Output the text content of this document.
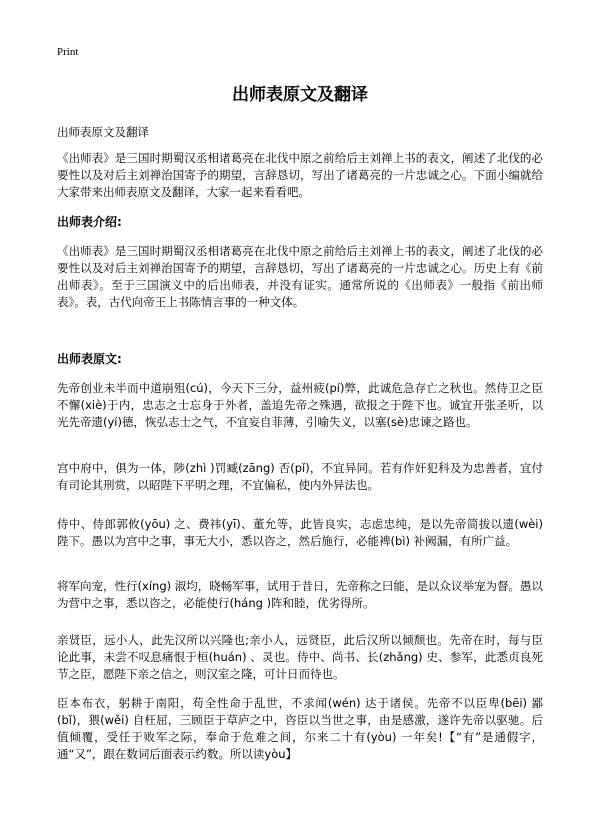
Print
出师表原文及翻译
出师表原文及翻译
《出师表》是三国时期蜀汉丞相诸葛亮在北伐中原之前给后主刘禅上书的表文，阐述了北伐的必要性以及对后主刘禅治国寄予的期望，言辞恳切，写出了诸葛亮的一片忠诚之心。下面小编就给大家带来出师表原文及翻译，大家一起来看看吧。
出师表介绍:
《出师表》是三国时期蜀汉丞相诸葛亮在北伐中原之前给后主刘禅上书的表文，阐述了北伐的必要性以及对后主刘禅治国寄予的期望，言辞恳切，写出了诸葛亮的一片忠诚之心。历史上有《前出师表》。至于三国演义中的后出师表，并没有证实。通常所说的《出师表》一般指《前出师表》。表，古代向帝王上书陈情言事的一种文体。
出师表原文:
先帝创业未半而中道崩殂(cú)，今天下三分，益州疲(pí)弊，此诚危急存亡之秋也。然侍卫之臣不懈(xiè)于内，忠志之士忘身于外者，盖追先帝之殊遇，欲报之于陛下也。诚宜开张圣听，以光先帝遗(yí)德，恢弘志士之气，不宜妄自菲薄，引喻失义，以塞(sè)忠谏之路也。
宫中府中，俱为一体，陟(zhì )罚臧(zāng) 否(pǐ)，不宜异同。若有作奸犯科及为忠善者，宜付有司论其刑赏，以昭陛下平明之理，不宜偏私，使内外异法也。
侍中、侍郎郭攸(yōu) 之、费祎(yī)、董允等，此皆良实，志虑忠纯，是以先帝简拔以遗(wèi) 陛下。愚以为宫中之事，事无大小，悉以咨之，然后施行，必能裨(bì) 补阙漏，有所广益。
将军向宠，性行(xíng) 淑均，晓畅军事，试用于昔日，先帝称之曰能，是以众议举宠为督。愚以为营中之事，悉以咨之，必能使行(háng )阵和睦，优劣得所。
亲贤臣，远小人，此先汉所以兴隆也;亲小人，远贤臣，此后汉所以倾颓也。先帝在时，每与臣论此事，未尝不叹息痛恨于桓(huán) 、灵也。侍中、尚书、长(zhǎng) 史、参军，此悉贞良死节之臣，愿陛下亲之信之，则汉室之隆，可计日而待也。
臣本布衣，躬耕于南阳，苟全性命于乱世，不求闻(wén) 达于诸侯。先帝不以臣卑(bēi) 鄙(bǐ)，猥(wěi) 自枉屈，三顾臣于草庐之中，咨臣以当世之事，由是感激，遂许先帝以驱驰。后值倾覆，受任于败军之际，奉命于危难之间，尔来二十有(yòu) 一年矣!【“有”是通假字，通“又”，跟在数词后面表示约数。所以读yòu】
